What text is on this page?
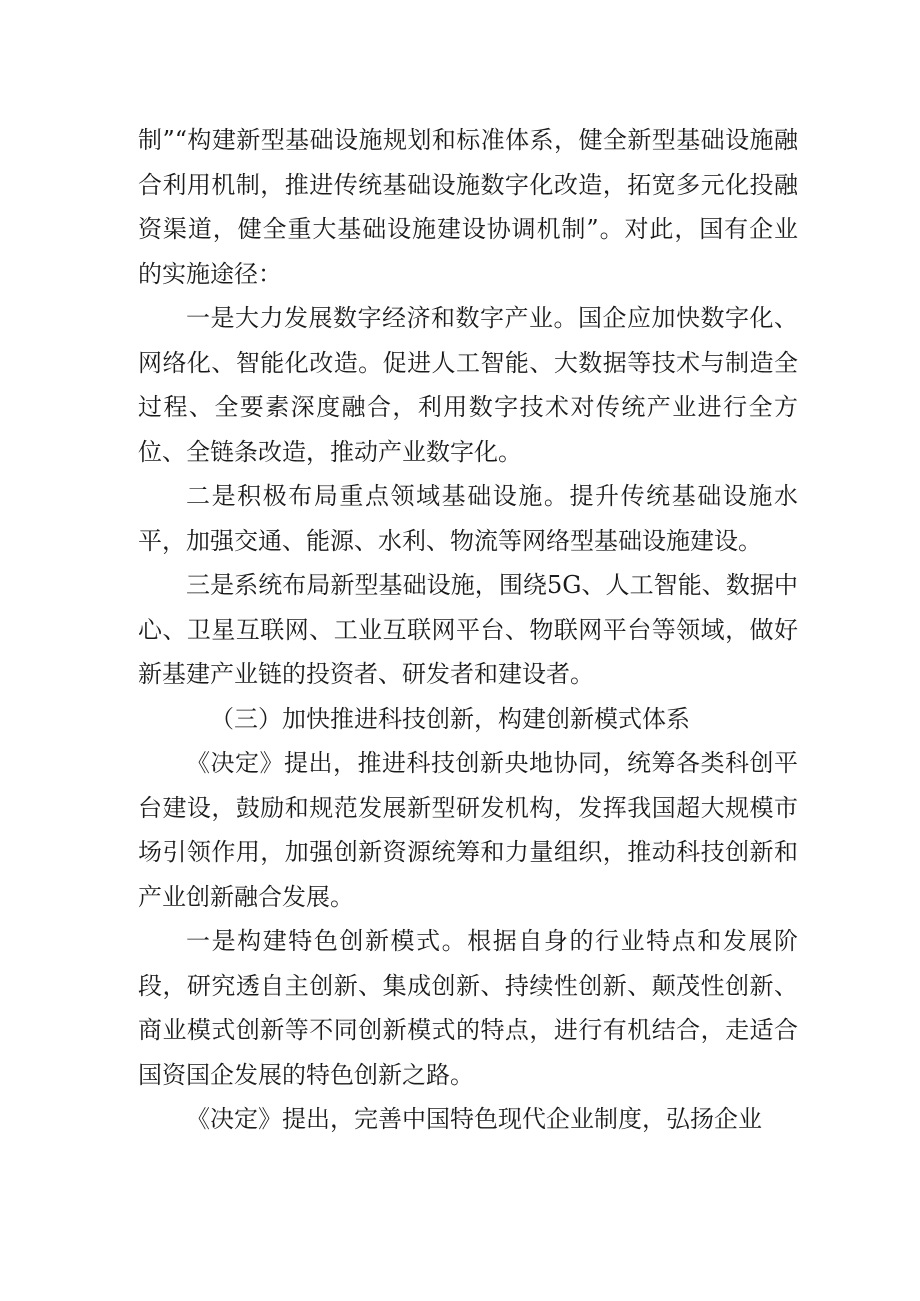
制”“构建新型基础设施规划和标准体系，健全新型基础设施融合利用机制，推进传统基础设施数字化改造，拓宽多元化投融资渠道，健全重大基础设施建设协调机制”。对此，国有企业的实施途径：

一是大力发展数字经济和数字产业。国企应加快数字化、网络化、智能化改造。促进人工智能、大数据等技术与制造全过程、全要素深度融合，利用数字技术对传统产业进行全方位、全链条改造，推动产业数字化。

二是积极布局重点领域基础设施。提升传统基础设施水平，加强交通、能源、水利、物流等网络型基础设施建设。

三是系统布局新型基础设施，围绕5G、人工智能、数据中心、卫星互联网、工业互联网平台、物联网平台等领域，做好新基建产业链的投资者、研发者和建设者。

（三）加快推进科技创新，构建创新模式体系

《决定》提出，推进科技创新央地协同，统筹各类科创平台建设，鼓励和规范发展新型研发机构，发挥我国超大规模市场引领作用，加强创新资源统筹和力量组织，推动科技创新和产业创新融合发展。

一是构建特色创新模式。根据自身的行业特点和发展阶段，研究透自主创新、集成创新、持续性创新、颠茂性创新、商业模式创新等不同创新模式的特点，进行有机结合，走适合国资国企发展的特色创新之路。

《决定》提出，完善中国特色现代企业制度，弘扬企业
